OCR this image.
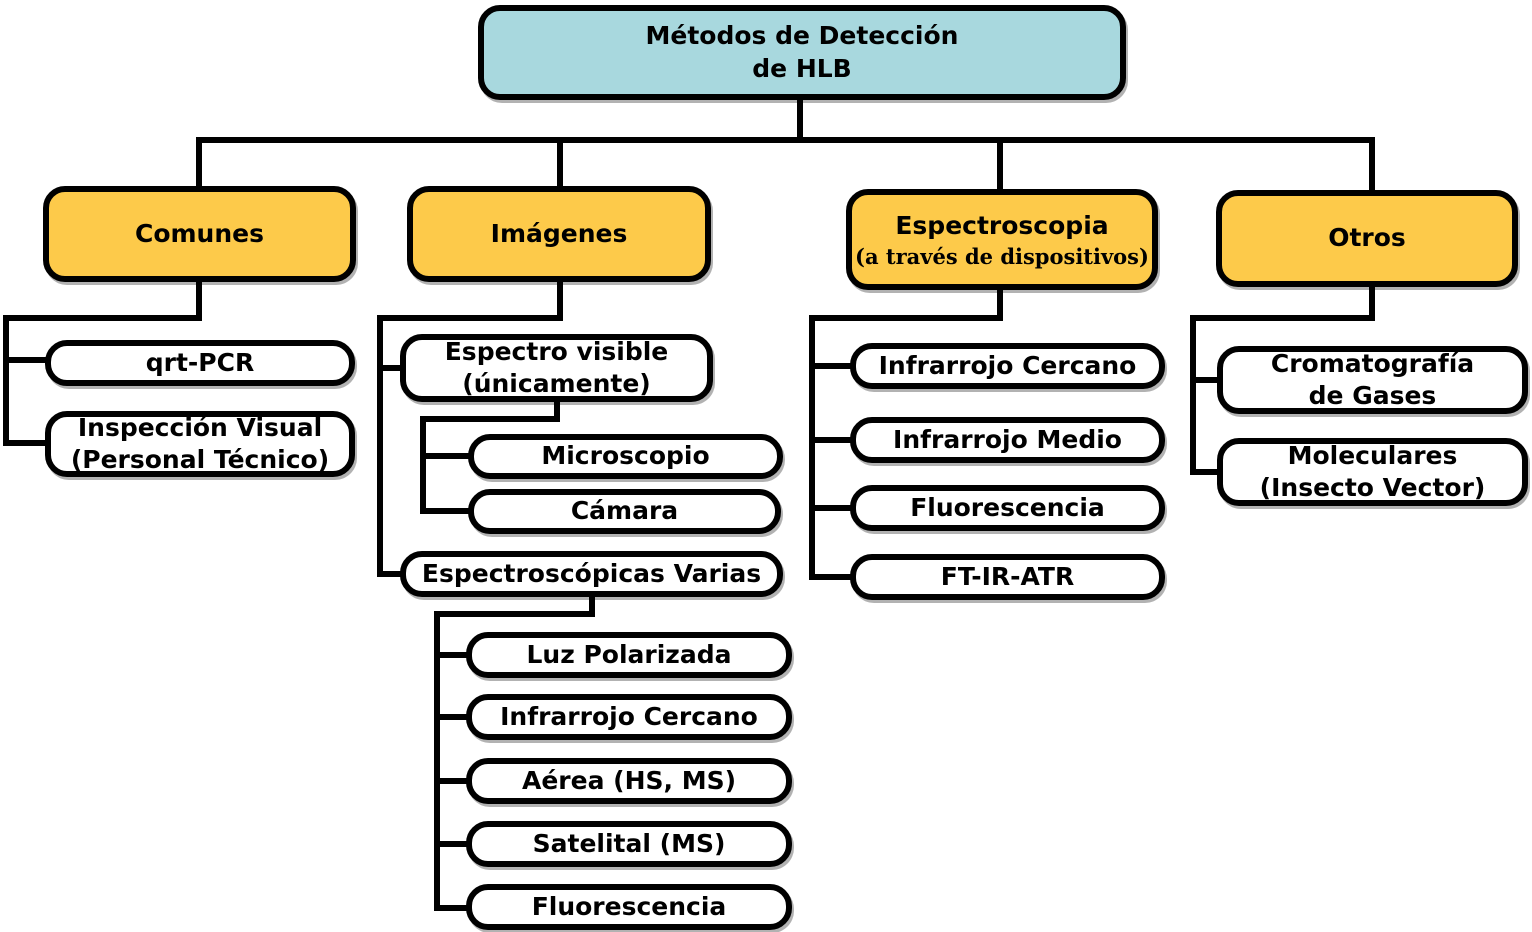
Métodos de Detección
de HLB
Comunes	Imágenes	Espectroscopia
(a través de dispositivos)
Otros
qrt-PCR
Inspección Visual
(Personal Técnico)
Espectro visible
(únicamente)
Microscopio
Cámara
Espectroscópicas Varias
Luz Polarizada
Infrarrojo Cercano
Aérea (HS, MS)
Satelital (MS)
Fluorescencia
Infrarrojo Cercano
Infrarrojo Medio
Fluorescencia
FT-IR-ATR
Cromatografía
de Gases
Moleculares
(Insecto Vector)
